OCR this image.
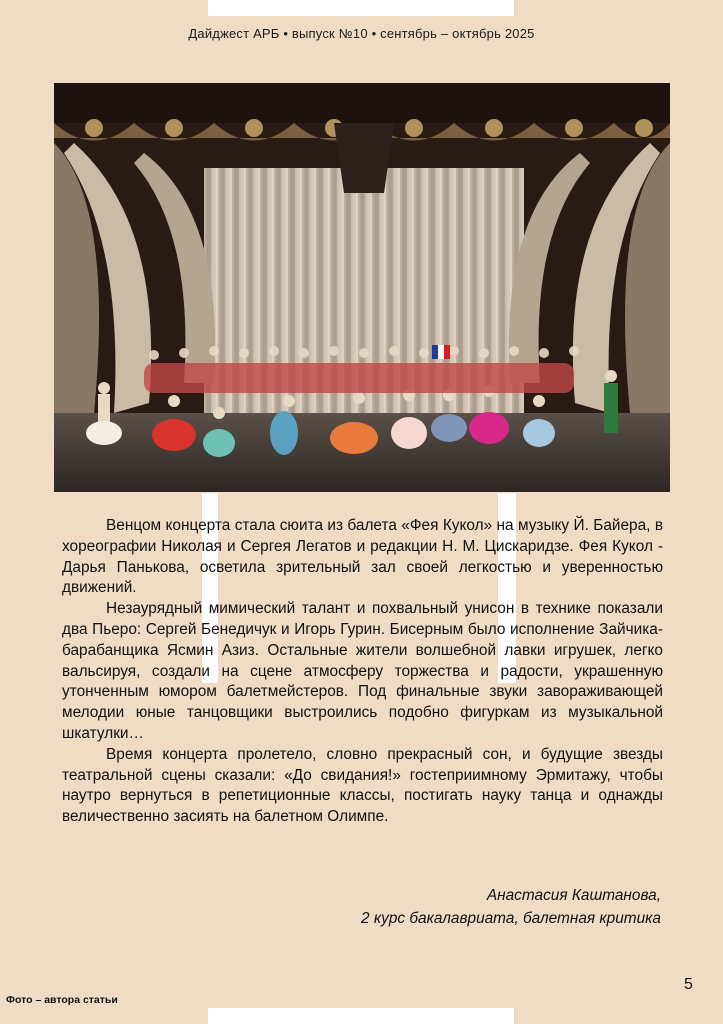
Дайджест АРБ • выпуск №10 • сентябрь – октябрь 2025

Венцом концерта стала сюита из балета «Фея Кукол» на музыку Й. Байера, в хореографии Николая и Сергея Легатов и редакции Н. М. Цискаридзе. Фея Кукол - Дарья Панькова, осветила зрительный зал своей легкостью и уверенностью движений.

Незаурядный мимический талант и похвальный унисон в технике показали два Пьеро: Сергей Бенедичук и Игорь Гурин. Бисерным было исполнение Зайчика-барабанщика Ясмин Азиз. Остальные жители волшебной лавки игрушек, легко вальсируя, создали на сцене атмосферу торжества и радости, украшенную утонченным юмором балетмейстеров. Под финальные звуки завораживающей мелодии юные танцовщики выстроились подобно фигуркам из музыкальной шкатулки…

Время концерта пролетело, словно прекрасный сон, и будущие звезды театральной сцены сказали: «До свидания!» гостеприимному Эрмитажу, чтобы наутро вернуться в репетиционные классы, постигать науку танца и однажды величественно засиять на балетном Олимпе.

Анастасия Каштанова,
2 курс бакалавриата, балетная критика
5
Фото – автора статьи
